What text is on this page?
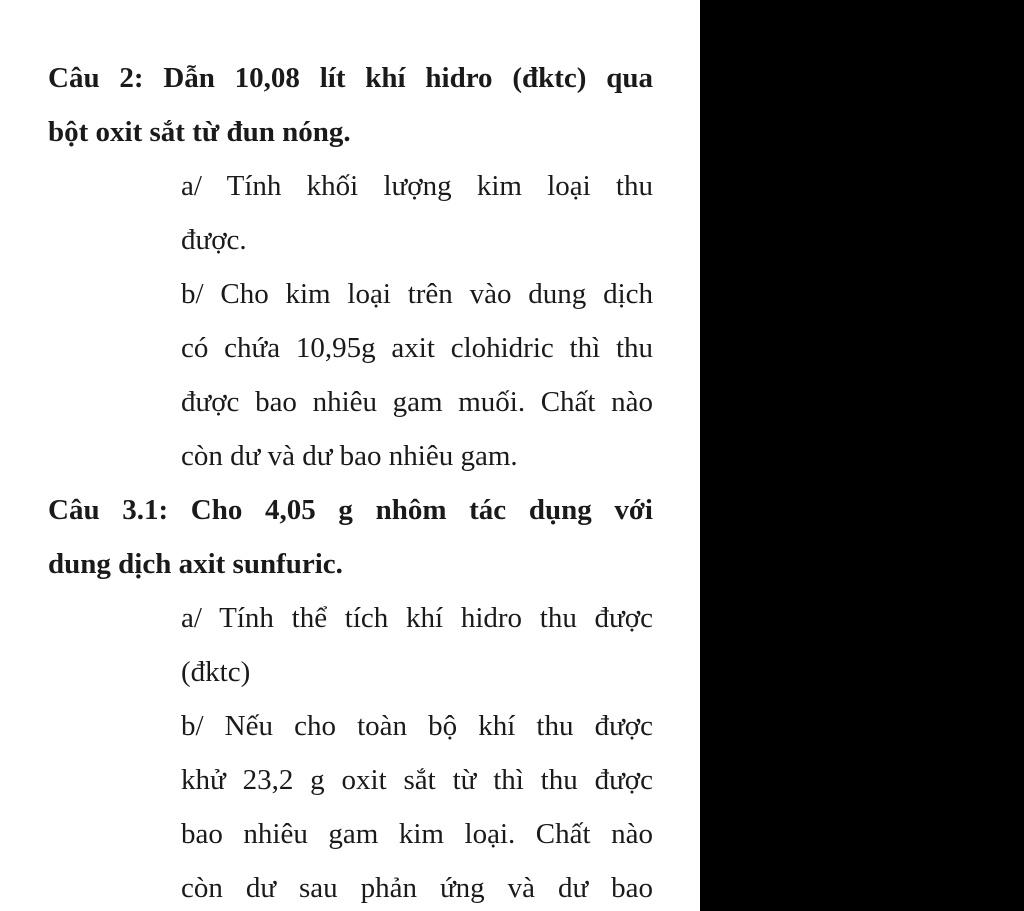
Câu 2: Dẫn 10,08 lít khí hidro (đktc) qua
bột oxit sắt từ đun nóng.
a/ Tính khối lượng kim loại thu
được.
b/ Cho kim loại trên vào dung dịch
có chứa 10,95g axit clohidric thì thu
được bao nhiêu gam muối. Chất nào
còn dư và dư bao nhiêu gam.
Câu 3.1: Cho 4,05 g nhôm tác dụng với
dung dịch axit sunfuric.
a/ Tính thể tích khí hidro thu được
(đktc)
b/ Nếu cho toàn bộ khí thu được
khử 23,2 g oxit sắt từ thì thu được
bao nhiêu gam kim loại. Chất nào
còn dư sau phản ứng và dư bao
